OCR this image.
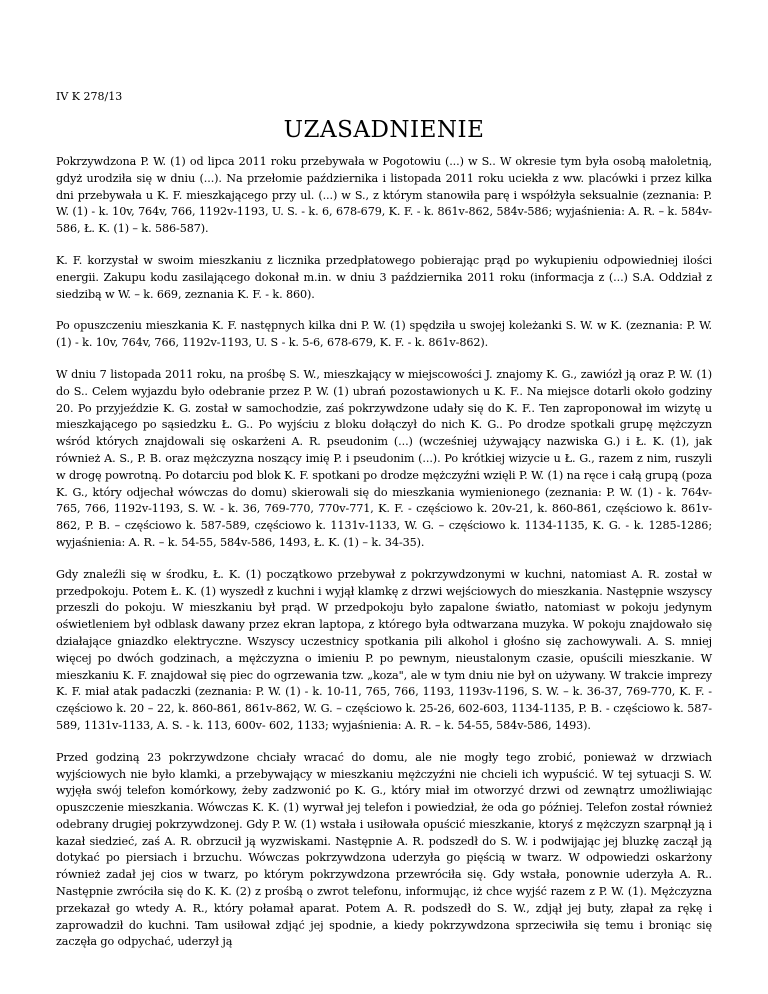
IV K 278/13

UZASADNIENIE

Pokrzywdzona P. W. (1) od lipca 2011 roku przebywała w Pogotowiu (...) w S.. W okresie tym była osobą małoletnią, gdyż urodziła się w dniu (...). Na przełomie października i listopada 2011 roku uciekła z ww. placówki i przez kilka dni przebywała u K. F. mieszkającego przy ul. (...) w S., z którym stanowiła parę i współżyła seksualnie (zeznania: P. W. (1) - k. 10v, 764v, 766, 1192v-1193, U. S. - k. 6, 678-679, K. F. - k. 861v-862, 584v-586; wyjaśnienia: A. R. – k. 584v-586, Ł. K. (1) – k. 586-587).

K. F. korzystał w swoim mieszkaniu z licznika przedpłatowego pobierając prąd po wykupieniu odpowiedniej ilości energii. Zakupu kodu zasilającego dokonał m.in. w dniu 3 października 2011 roku (informacja z (...) S.A. Oddział z siedzibą w W. – k. 669, zeznania K. F. - k. 860).

Po opuszczeniu mieszkania K. F. następnych kilka dni P. W. (1) spędziła u swojej koleżanki S. W. w K. (zeznania: P. W. (1) - k. 10v, 764v, 766, 1192v-1193, U. S - k. 5-6, 678-679, K. F. - k. 861v-862).

W dniu 7 listopada 2011 roku, na prośbę S. W., mieszkający w miejscowości J. znajomy K. G., zawiózł ją oraz P. W. (1) do S.. Celem wyjazdu było odebranie przez P. W. (1) ubrań pozostawionych u K. F.. Na miejsce dotarli około godziny 20. Po przyjeździe K. G. został w samochodzie, zaś pokrzywdzone udały się do K. F.. Ten zaproponował im wizytę u mieszkającego po sąsiedzku Ł. G.. Po wyjściu z bloku dołączył do nich K. G.. Po drodze spotkali grupę mężczyzn wśród których znajdowali się oskarżeni A. R. pseudonim (...) (wcześniej używający nazwiska G.) i Ł. K. (1), jak również A. S., P. B. oraz mężczyzna noszący imię P. i pseudonim (...). Po krótkiej wizycie u Ł. G., razem z nim, ruszyli w drogę powrotną. Po dotarciu pod blok K. F. spotkani po drodze mężczyźni wzięli P. W. (1) na ręce i całą grupą (poza K. G., który odjechał wówczas do domu) skierowali się do mieszkania wymienionego (zeznania: P. W. (1) - k. 764v-765, 766, 1192v-1193, S. W. - k. 36, 769-770, 770v-771, K. F. - częściowo k. 20v-21, k. 860-861, częściowo k. 861v-862, P. B. – częściowo k. 587-589, częściowo k. 1131v-1133, W. G. – częściowo k. 1134-1135, K. G. - k. 1285-1286; wyjaśnienia: A. R. – k. 54-55, 584v-586, 1493, Ł. K. (1) – k. 34-35).

Gdy znaleźli się w środku, Ł. K. (1) początkowo przebywał z pokrzywdzonymi w kuchni, natomiast A. R. został w przedpokoju. Potem Ł. K. (1) wyszedł z kuchni i wyjął klamkę z drzwi wejściowych do mieszkania. Następnie wszyscy przeszli do pokoju. W mieszkaniu był prąd. W przedpokoju było zapalone światło, natomiast w pokoju jedynym oświetleniem był odblask dawany przez ekran laptopa, z którego była odtwarzana muzyka. W pokoju znajdowało się działające gniazdko elektryczne. Wszyscy uczestnicy spotkania pili alkohol i głośno się zachowywali. A. S. mniej więcej po dwóch godzinach, a mężczyzna o imieniu P. po pewnym, nieustalonym czasie, opuścili mieszkanie. W mieszkaniu K. F. znajdował się piec do ogrzewania tzw. „koza", ale w tym dniu nie był on używany. W trakcie imprezy K. F. miał atak padaczki (zeznania: P. W. (1) - k. 10-11, 765, 766, 1193, 1193v-1196, S. W. – k. 36-37, 769-770, K. F. - częściowo k. 20 – 22, k. 860-861, 861v-862, W. G. – częściowo k. 25-26, 602-603, 1134-1135, P. B. - częściowo k. 587-589, 1131v-1133, A. S. - k. 113, 600v- 602, 1133; wyjaśnienia: A. R. – k. 54-55, 584v-586, 1493).

Przed godziną 23 pokrzywdzone chciały wracać do domu, ale nie mogły tego zrobić, ponieważ w drzwiach wyjściowych nie było klamki, a przebywający w mieszkaniu mężczyźni nie chcieli ich wypuścić. W tej sytuacji S. W. wyjęła swój telefon komórkowy, żeby zadzwonić po K. G., który miał im otworzyć drzwi od zewnątrz umożliwiając opuszczenie mieszkania. Wówczas K. K. (1) wyrwał jej telefon i powiedział, że oda go później. Telefon został również odebrany drugiej pokrzywdzonej. Gdy P. W. (1) wstała i usiłowała opuścić mieszkanie, ktoryś z mężczyzn szarpnął ją i kazał siedzieć, zaś A. R. obrzucił ją wyzwiskami. Następnie A. R. podszedł do S. W. i podwijając jej bluzkę zaczął ją dotykać po piersiach i brzuchu. Wówczas pokrzywdzona uderzyła go pięścią w twarz. W odpowiedzi oskarżony również zadał jej cios w twarz, po którym pokrzywdzona przewróciła się. Gdy wstała, ponownie uderzyła A. R.. Następnie zwróciła się do K. K. (2) z prośbą o zwrot telefonu, informując, iż chce wyjść razem z P. W. (1). Mężczyzna przekazał go wtedy A. R., który połamał aparat. Potem A. R. podszedł do S. W., zdjął jej buty, złapał za rękę i zaprowadził do kuchni. Tam usiłował zdjąć jej spodnie, a kiedy pokrzywdzona sprzeciwiła się temu i broniąc się zaczęła go odpychać, uderzył ją
